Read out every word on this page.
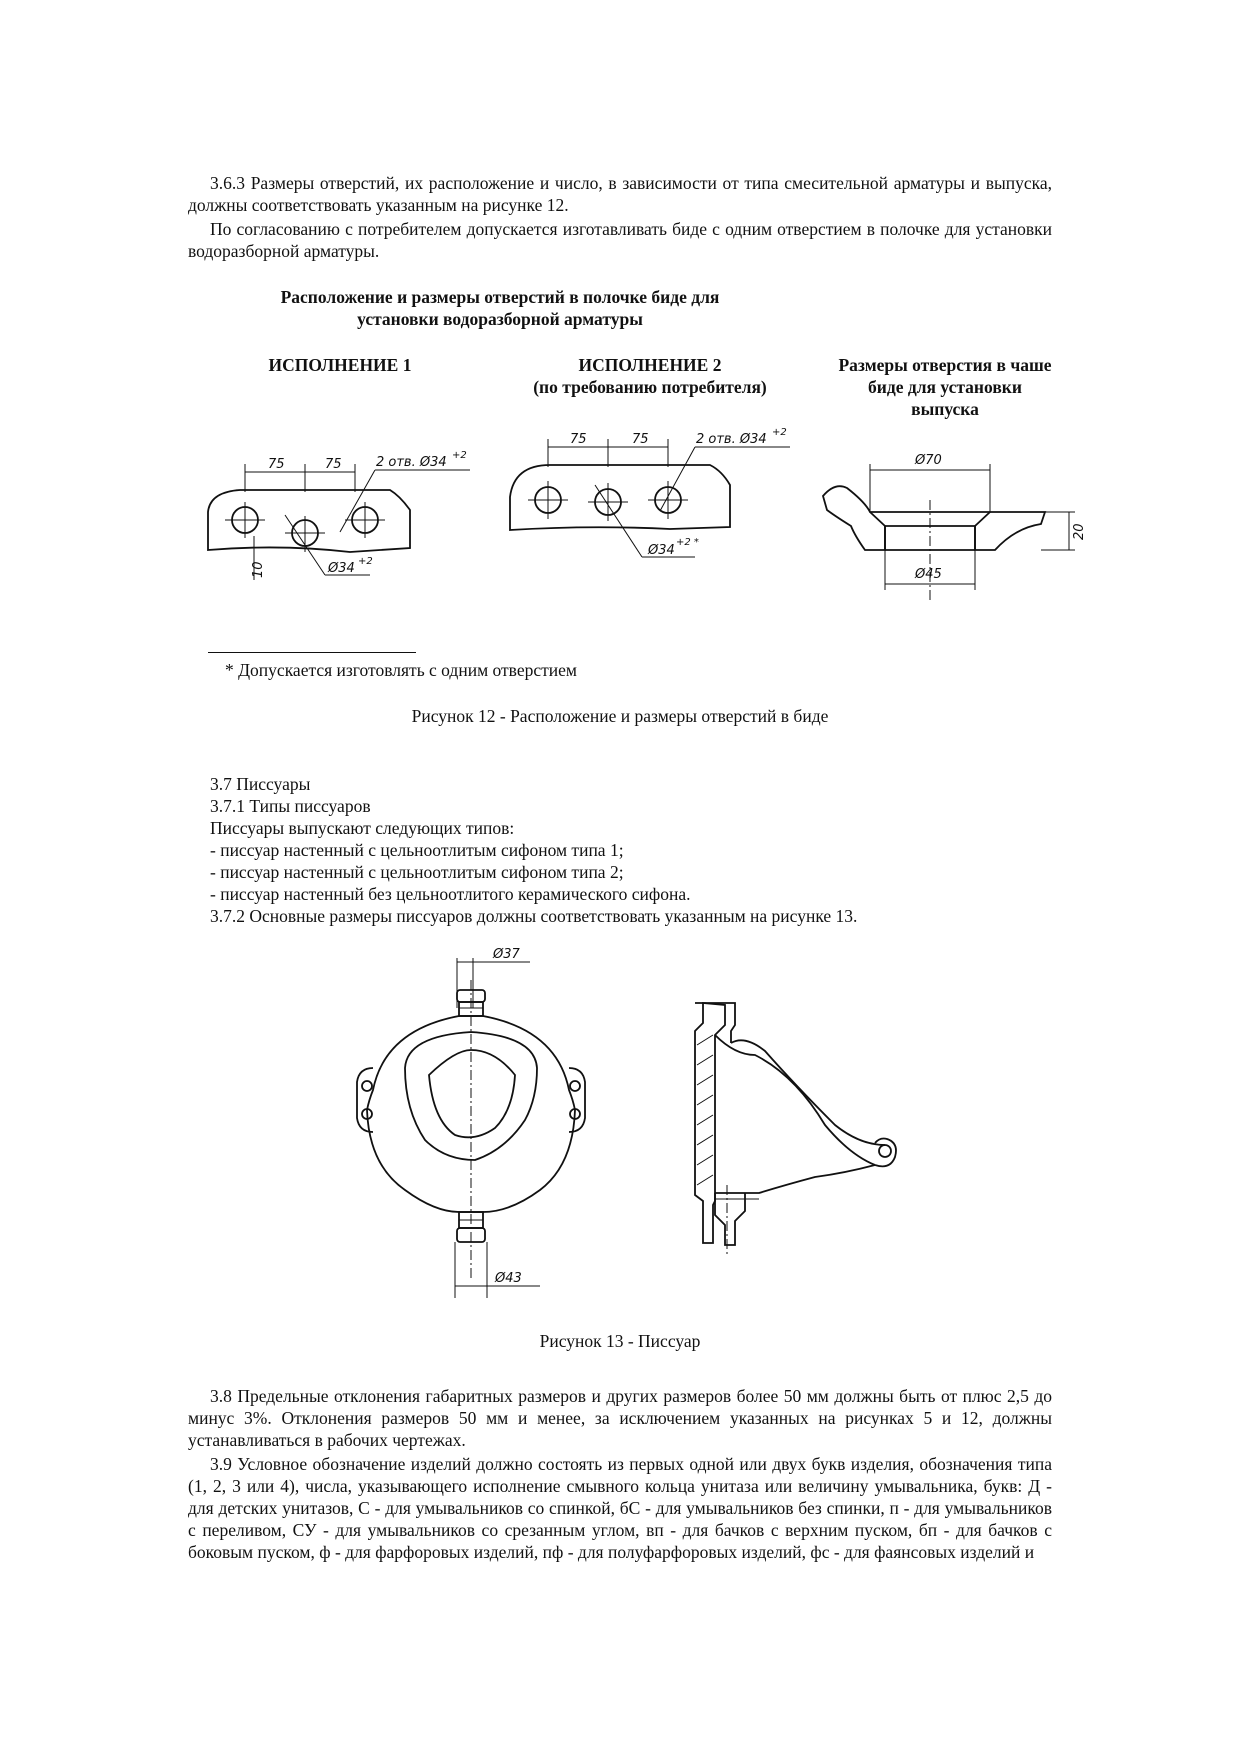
3.6.3 Размеры отверстий, их расположение и число, в зависимости от типа смесительной арматуры и выпуска, должны соответствовать указанным на рисунке 12.

По согласованию с потребителем допускается изготавливать биде с одним отверстием в полочке для установки водоразборной арматуры.

Расположение и размеры отверстий в полочке биде для

установки водоразборной арматуры

ИСПОЛНЕНИЕ 1	ИСПОЛНЕНИЕ 2

(по требованию потребителя)

Размеры отверстия в чаше

биде для установки

выпуска

75	75	2 отв. Ø34 +2
Ø34 +2
10
75	75	2 отв. Ø34 +2
Ø34
+2 *
Ø70
20
Ø45

* Допускается изготовлять с одним отверстием

Рисунок 12 - Расположение и размеры отверстий в биде

3.7 Писсуары

3.7.1 Типы писсуаров

Писсуары выпускают следующих типов:

- писсуар настенный с цельноотлитым сифоном типа 1;

- писсуар настенный с цельноотлитым сифоном типа 2;

- писсуар настенный без цельноотлитого керамического сифона.

3.7.2 Основные размеры писсуаров должны соответствовать указанным на рисунке 13.

Ø37
Ø43

Рисунок 13 - Писсуар

3.8 Предельные отклонения габаритных размеров и других размеров более 50 мм должны быть от плюс 2,5 до минус 3%. Отклонения размеров 50 мм и менее, за исключением указанных на рисунках 5 и 12, должны устанавливаться в рабочих чертежах.

3.9 Условное обозначение изделий должно состоять из первых одной или двух букв изделия, обозначения типа (1, 2, 3 или 4), числа, указывающего исполнение смывного кольца унитаза или величину умывальника, букв: Д - для детских унитазов, С - для умывальников со спинкой, бС - для умывальников без спинки, п - для умывальников с переливом, СУ - для умывальников со срезанным углом, вп - для бачков с верхним пуском, бп - для бачков с боковым пуском, ф - для фарфоровых изделий, пф - для полуфарфоровых изделий, фс - для фаянсовых изделий и
